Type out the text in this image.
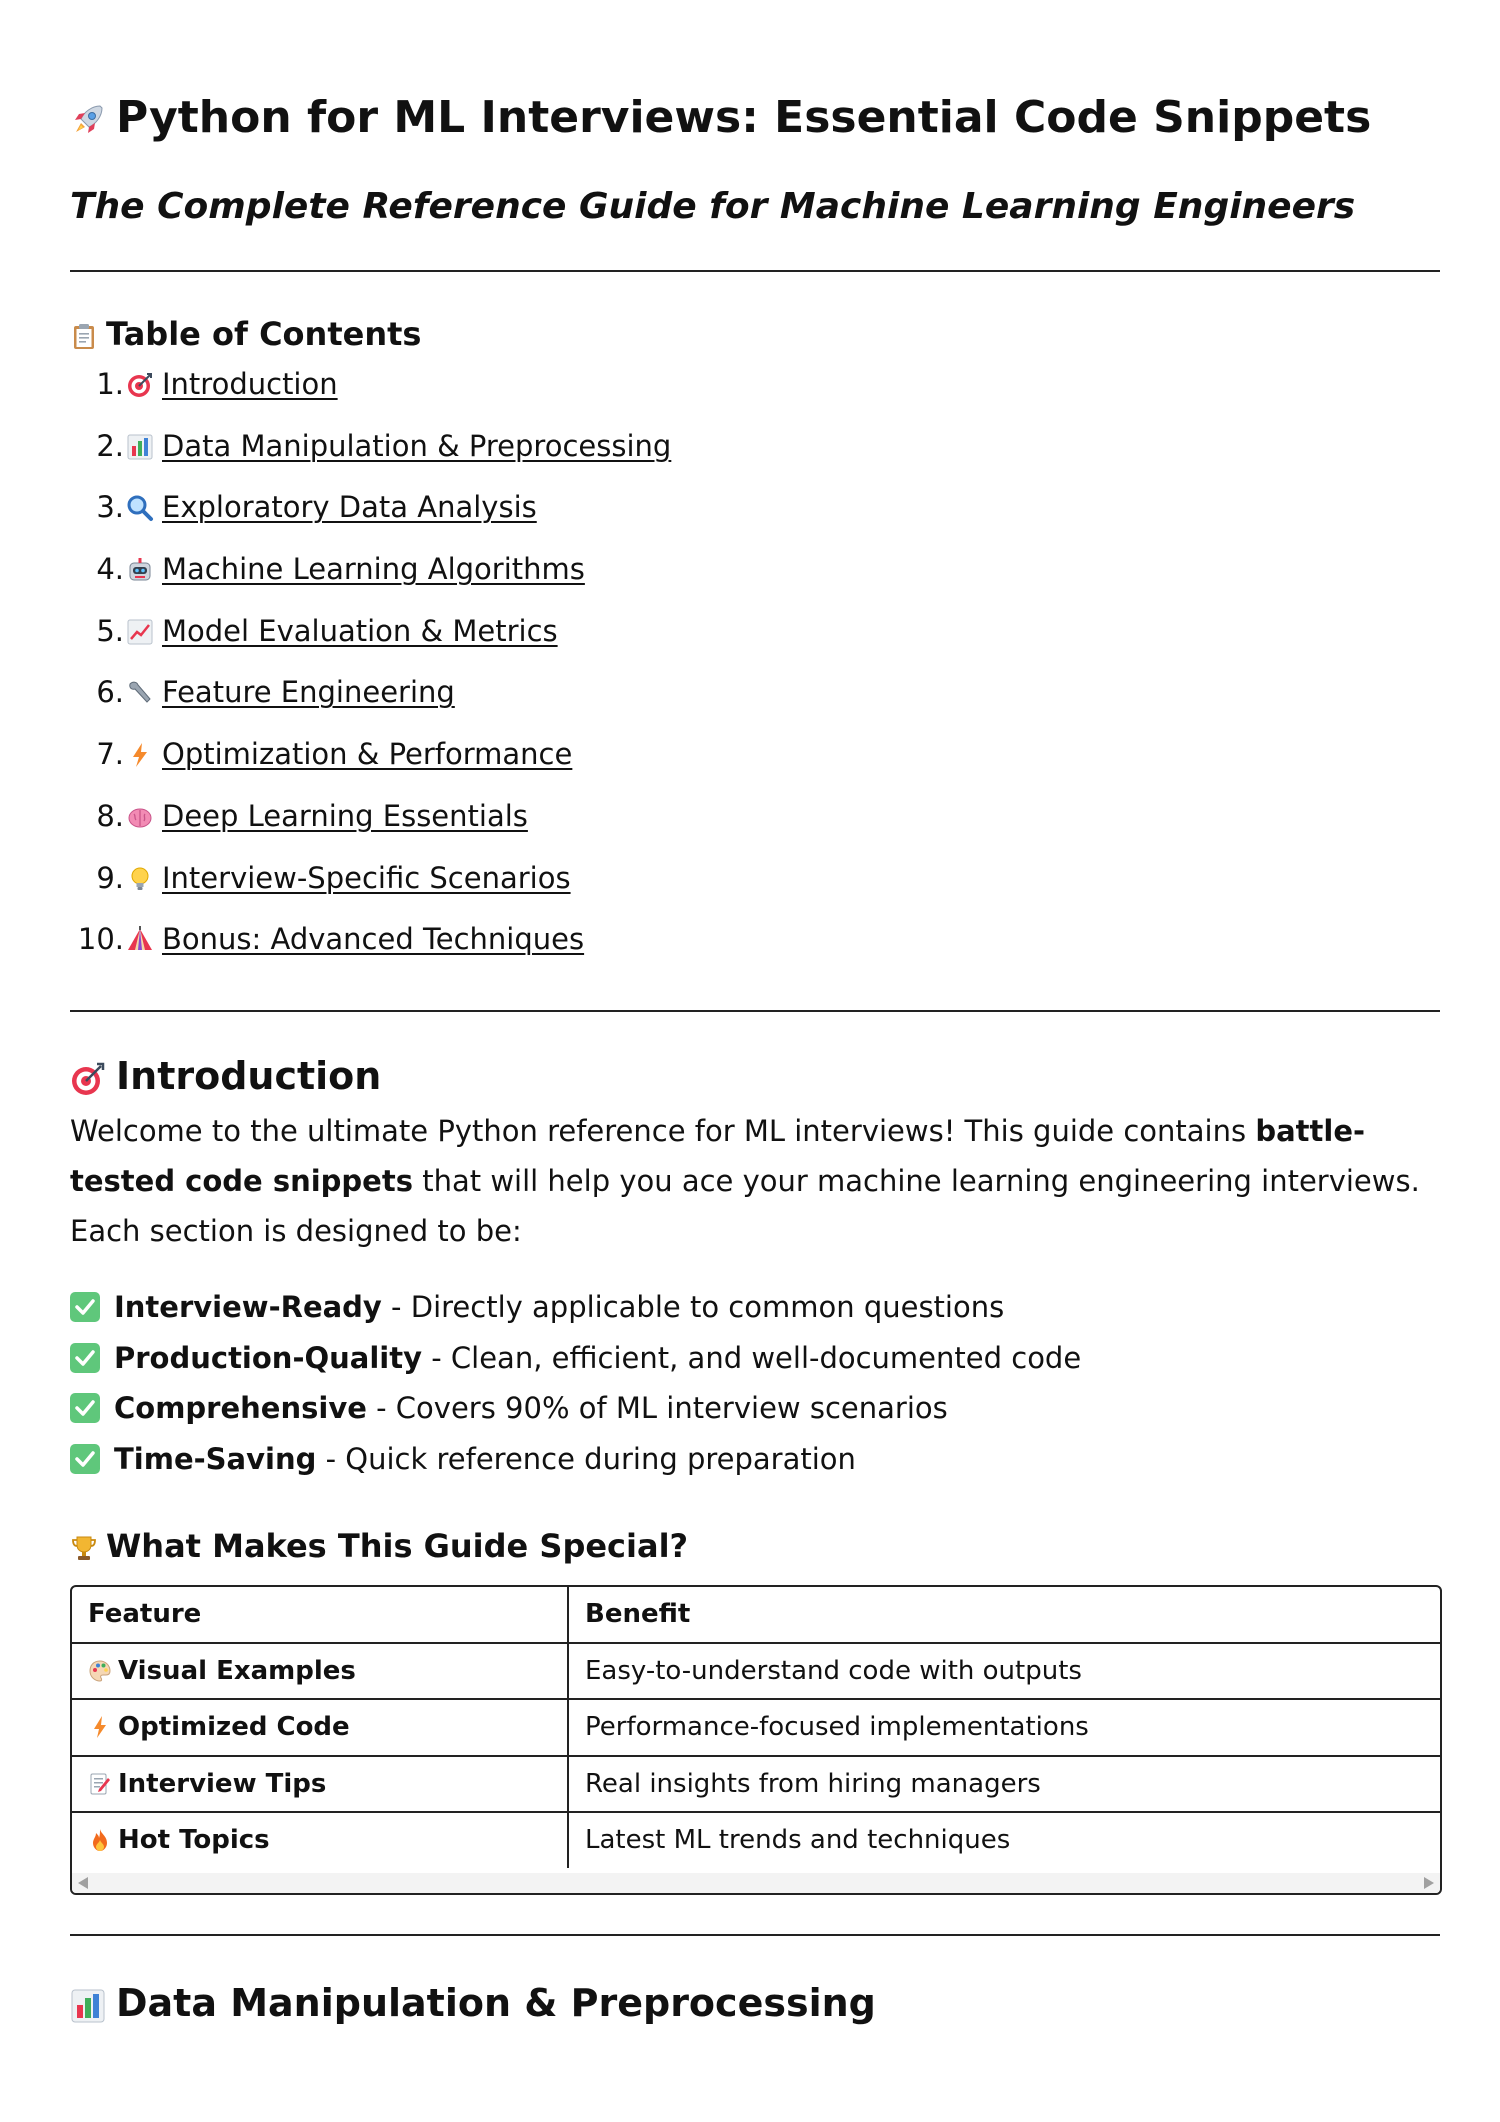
Python for ML Interviews: Essential Code Snippets
The Complete Reference Guide for Machine Learning Engineers
Table of Contents
1. Introduction
2. Data Manipulation & Preprocessing
3. Exploratory Data Analysis
4. Machine Learning Algorithms
5. Model Evaluation & Metrics
6. Feature Engineering
7. Optimization & Performance
8. Deep Learning Essentials
9. Interview-Specific Scenarios
10. Bonus: Advanced Techniques
Introduction

Welcome to the ultimate Python reference for ML interviews! This guide contains battle-tested code snippets that will help you ace your machine learning engineering interviews. Each section is designed to be:

Interview-Ready - Directly applicable to common questions
Production-Quality - Clean, efficient, and well-documented code
Comprehensive - Covers 90% of ML interview scenarios
Time-Saving - Quick reference during preparation
What Makes This Guide Special?
Feature	Benefit

Visual Examples	Easy-to-understand code with outputs

Optimized Code	Performance-focused implementations

Interview Tips	Real insights from hiring managers

Hot Topics	Latest ML trends and techniques
Data Manipulation & Preprocessing
